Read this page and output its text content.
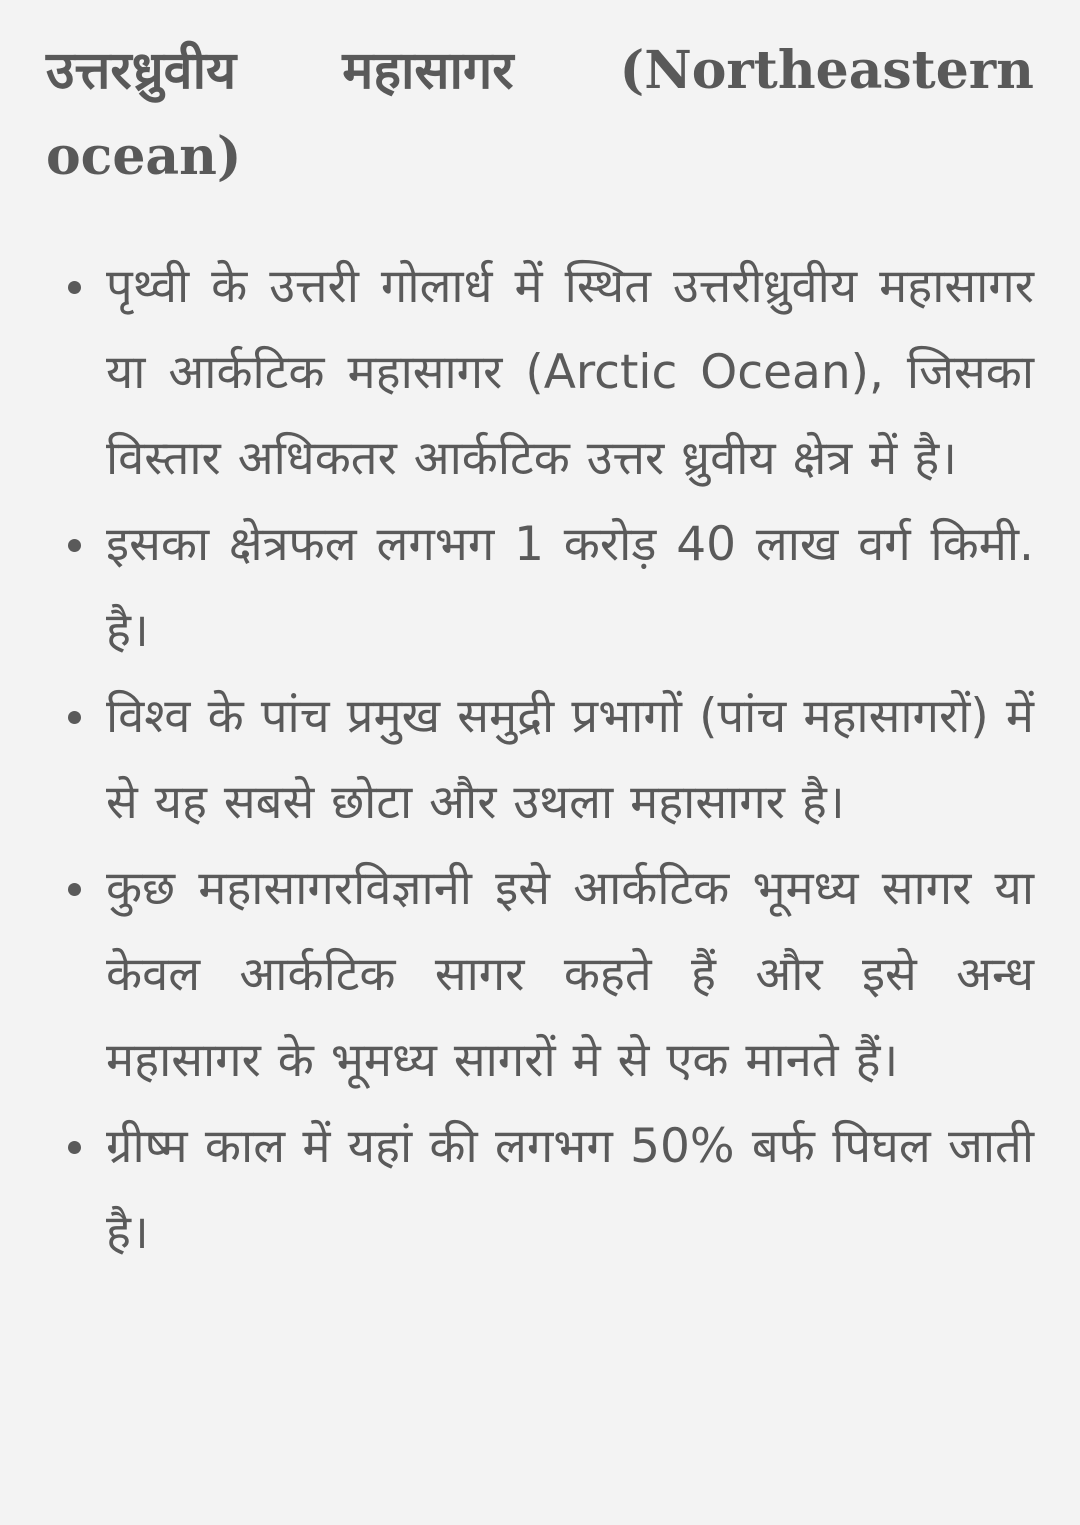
उत्तरध्रुवीय महासागर (Northeastern ocean)
पृथ्वी के उत्तरी गोलार्ध में स्थित उत्तरीध्रुवीय महासागर या आर्कटिक महासागर (Arctic Ocean), जिसका विस्तार अधिकतर आर्कटिक उत्तर ध्रुवीय क्षेत्र में है।
इसका क्षेत्रफल लगभग 1 करोड़ 40 लाख वर्ग किमी. है।
विश्व के पांच प्रमुख समुद्री प्रभागों (पांच महासागरों) में से यह सबसे छोटा और उथला महासागर है।
कुछ महासागरविज्ञानी इसे आर्कटिक भूमध्य सागर या केवल आर्कटिक सागर कहते हैं और इसे अन्ध महासागर के भूमध्य सागरों मे से एक मानते हैं।
ग्रीष्म काल में यहां की लगभग 50% बर्फ पिघल जाती है।
